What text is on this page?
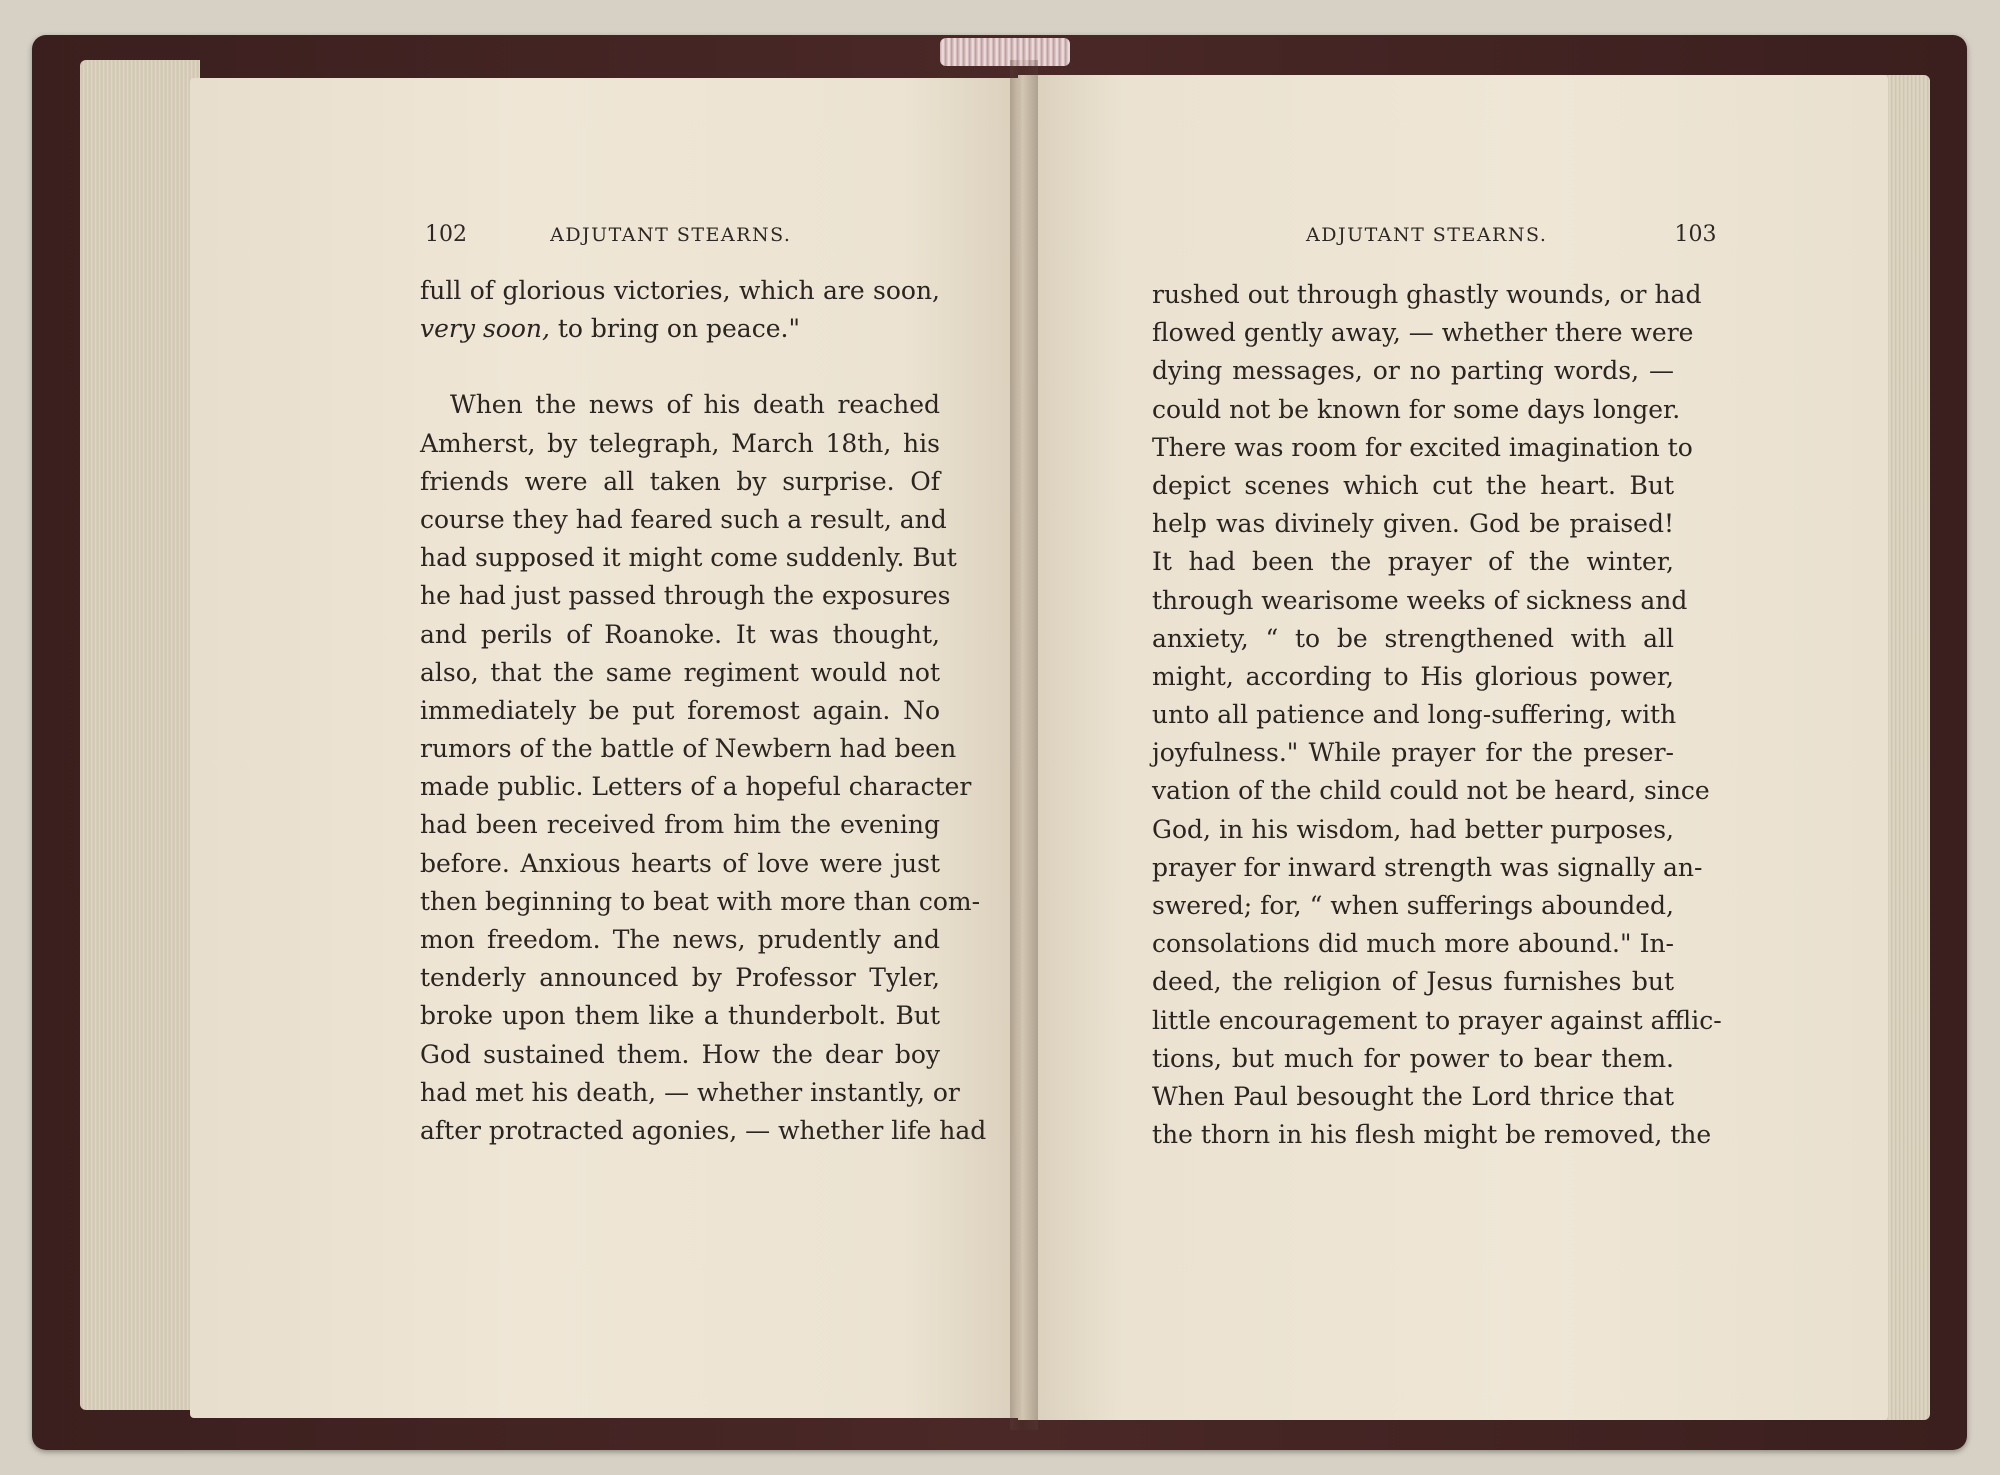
102	ADJUTANT STEARNS.	ADJUTANT STEARNS.	103
full of glorious victories, which are soon,
very soon, to bring on peace."
When the news of his death reached
Amherst, by telegraph, March 18th, his
friends were all taken by surprise. Of
course they had feared such a result, and
had supposed it might come suddenly. But
he had just passed through the exposures
and perils of Roanoke. It was thought,
also, that the same regiment would not
immediately be put foremost again. No
rumors of the battle of Newbern had been
made public. Letters of a hopeful character
had been received from him the evening
before. Anxious hearts of love were just
then beginning to beat with more than com-
mon freedom. The news, prudently and
tenderly announced by Professor Tyler,
broke upon them like a thunderbolt. But
God sustained them. How the dear boy
had met his death, — whether instantly, or
after protracted agonies, — whether life had
rushed out through ghastly wounds, or had
flowed gently away, — whether there were
dying messages, or no parting words, —
could not be known for some days longer.
There was room for excited imagination to
depict scenes which cut the heart. But
help was divinely given. God be praised!
It had been the prayer of the winter,
through wearisome weeks of sickness and
anxiety, “ to be strengthened with all
might, according to His glorious power,
unto all patience and long-suffering, with
joyfulness." While prayer for the preser-
vation of the child could not be heard, since
God, in his wisdom, had better purposes,
prayer for inward strength was signally an-
swered; for, “ when sufferings abounded,
consolations did much more abound." In-
deed, the religion of Jesus furnishes but
little encouragement to prayer against afflic-
tions, but much for power to bear them.
When Paul besought the Lord thrice that
the thorn in his flesh might be removed, the
